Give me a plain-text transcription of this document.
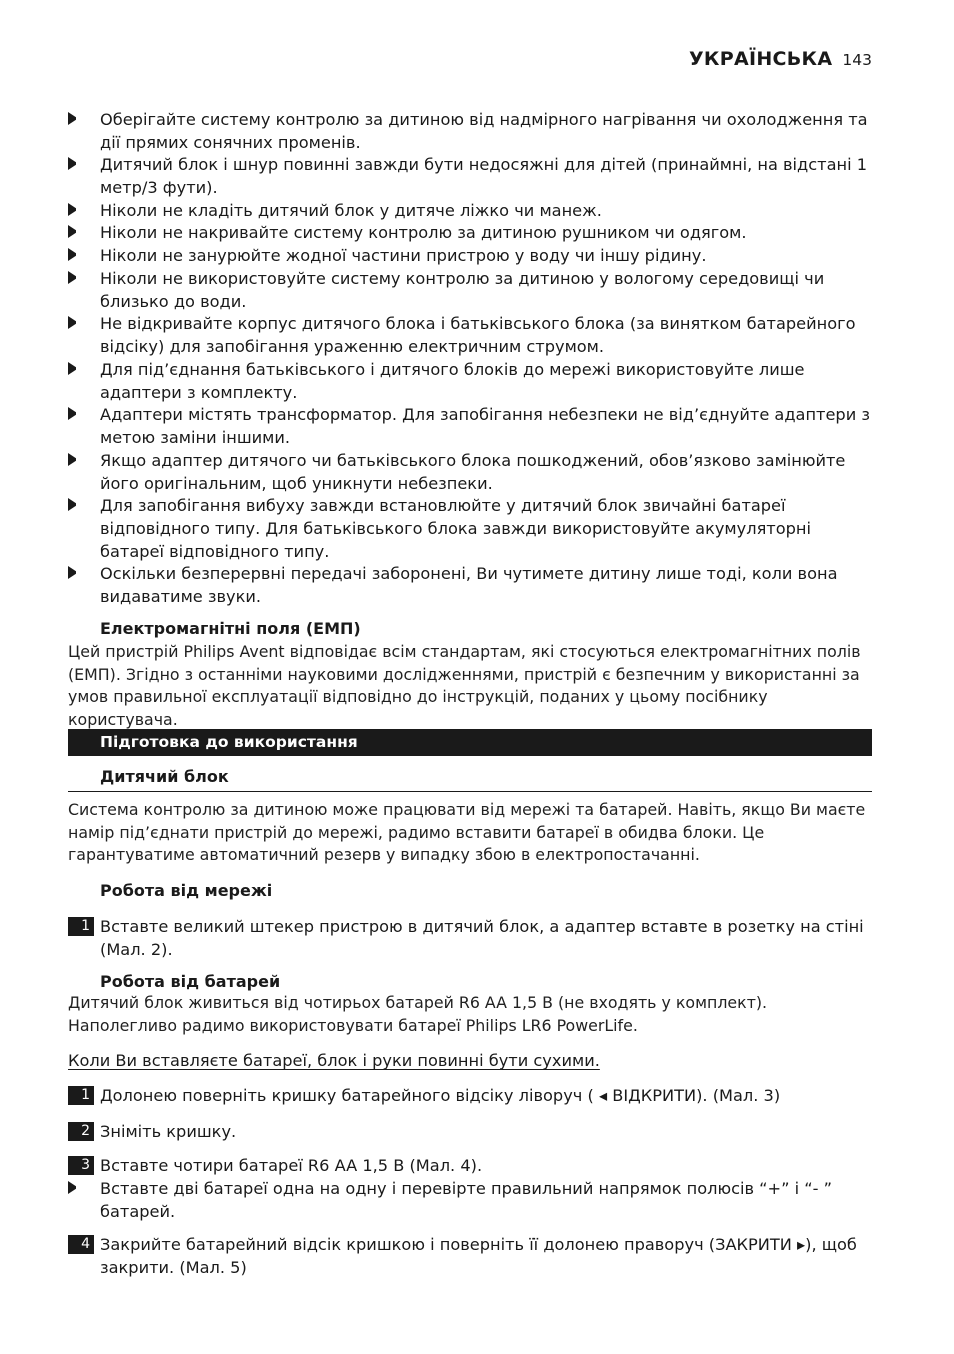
УКРАЇНСЬКА 143
Оберігайте систему контролю за дитиною від надмірного нагрівання чи охолодження та дії прямих сонячних променів.
Дитячий блок і шнур повинні завжди бути недосяжні для дітей (принаймні, на відстані 1 метр/3 фути).
Ніколи не кладіть дитячий блок у дитяче ліжко чи манеж.
Ніколи не накривайте систему контролю за дитиною рушником чи одягом.
Ніколи не занурюйте жодної частини пристрою у воду чи іншу рідину.
Ніколи не використовуйте систему контролю за дитиною у вологому середовищі чи близько до води.
Не відкривайте корпус дитячого блока і батьківського блока (за винятком батарейного відсіку) для запобігання ураженню електричним струмом.
Для під’єднання батьківського і дитячого блоків до мережі використовуйте лише адаптери з комплекту.
Адаптери містять трансформатор. Для запобігання небезпеки не від’єднуйте адаптери з метою заміни іншими.
Якщо адаптер дитячого чи батьківського блока пошкоджений, обов’язково замінюйте його оригінальним, щоб уникнути небезпеки.
Для запобігання вибуху завжди встановлюйте у дитячий блок звичайні батареї відповідного типу. Для батьківського блока завжди використовуйте акумуляторні батареї відповідного типу.
Оскільки безперервні передачі заборонені, Ви чутимете дитину лише тоді, коли вона видаватиме звуки.
Електромагнітні поля (ЕМП)
Цей пристрій Philips Avent відповідає всім стандартам, які стосуються електромагнітних полів (ЕМП). Згідно з останніми науковими дослідженнями, пристрій є безпечним у використанні за умов правильної експлуатації відповідно до інструкцій, поданих у цьому посібнику користувача.
Підготовка до використання
Дитячий блок
Система контролю за дитиною може працювати від мережі та батарей. Навіть, якщо Ви маєте намір під’єднати пристрій до мережі, радимо вставити батареї в обидва блоки. Це гарантуватиме автоматичний резерв у випадку збою в електропостачанні.
Робота від мережі
1 Вставте великий штекер пристрою в дитячий блок, а адаптер вставте в розетку на стіні (Мал. 2).
Робота від батарей
Дитячий блок живиться від чотирьох батарей R6 AA 1,5 В (не входять у комплект). Наполегливо радимо використовувати батареї Philips LR6 PowerLife.
Коли Ви вставляєте батареї, блок і руки повинні бути сухими.
1 Долонею поверніть кришку батарейного відсіку ліворуч ( ◂ ВІДКРИТИ). (Мал. 3)
2 Зніміть кришку.
3 Вставте чотири батареї R6 AA 1,5 В (Мал. 4).
Вставте дві батареї одна на одну і перевірте правильний напрямок полюсів “+” і “- ” батарей.
4 Закрийте батарейний відсік кришкою і поверніть її долонею праворуч (ЗАКРИТИ ▸), щоб закрити. (Мал. 5)
